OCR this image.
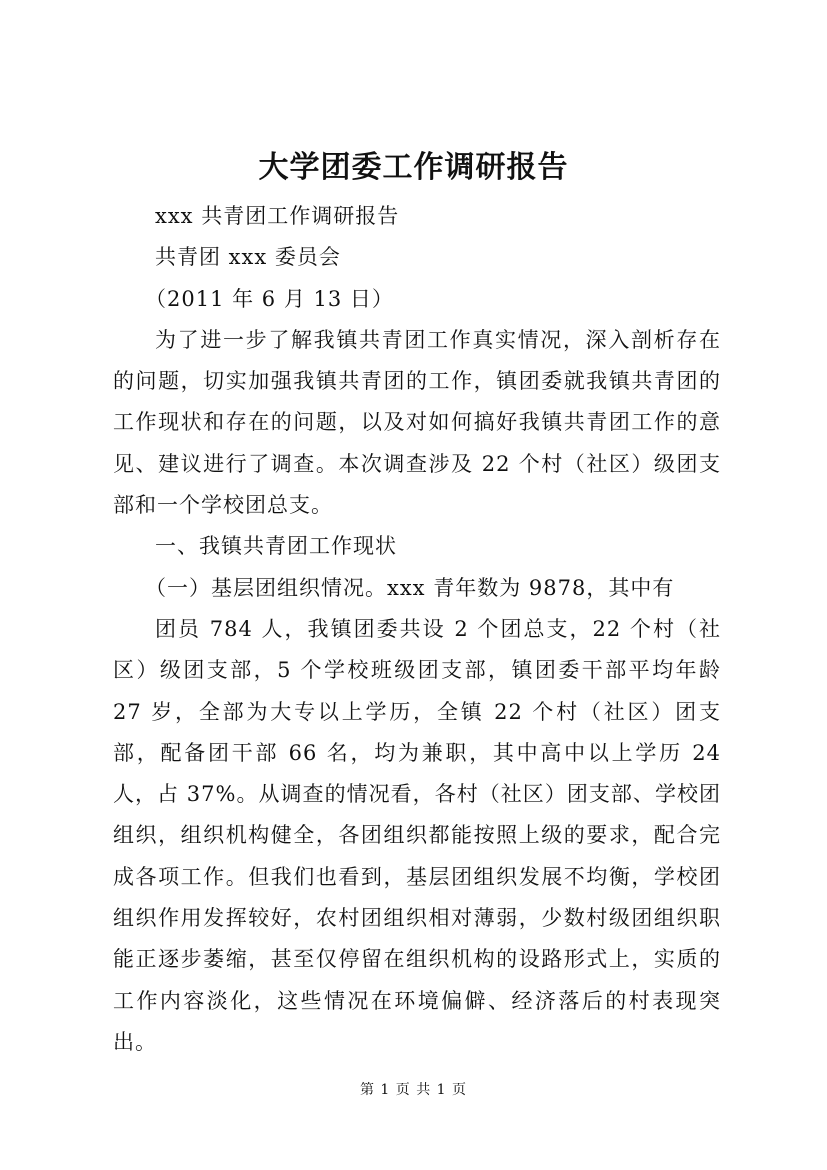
大学团委工作调研报告

xxx 共青团工作调研报告

共青团 xxx 委员会

（2011 年 6 月 13 日）

为了进一步了解我镇共青团工作真实情况，深入剖析存在的问题，切实加强我镇共青团的工作，镇团委就我镇共青团的工作现状和存在的问题，以及对如何搞好我镇共青团工作的意见、建议进行了调查。本次调查涉及 22 个村（社区）级团支部和一个学校团总支。

一、我镇共青团工作现状

（一）基层团组织情况。xxx 青年数为 9878，其中有

团员 784 人，我镇团委共设 2 个团总支，22 个村（社区）级团支部，5 个学校班级团支部，镇团委干部平均年龄 27 岁，全部为大专以上学历，全镇 22 个村（社区）团支部，配备团干部 66 名，均为兼职，其中高中以上学历 24 人，占 37%。从调查的情况看，各村（社区）团支部、学校团组织，组织机构健全，各团组织都能按照上级的要求，配合完成各项工作。但我们也看到，基层团组织发展不均衡，学校团组织作用发挥较好，农村团组织相对薄弱，少数村级团组织职能正逐步萎缩，甚至仅停留在组织机构的设路形式上，实质的工作内容淡化，这些情况在环境偏僻、经济落后的村表现突出。

第 1 页 共 1 页
